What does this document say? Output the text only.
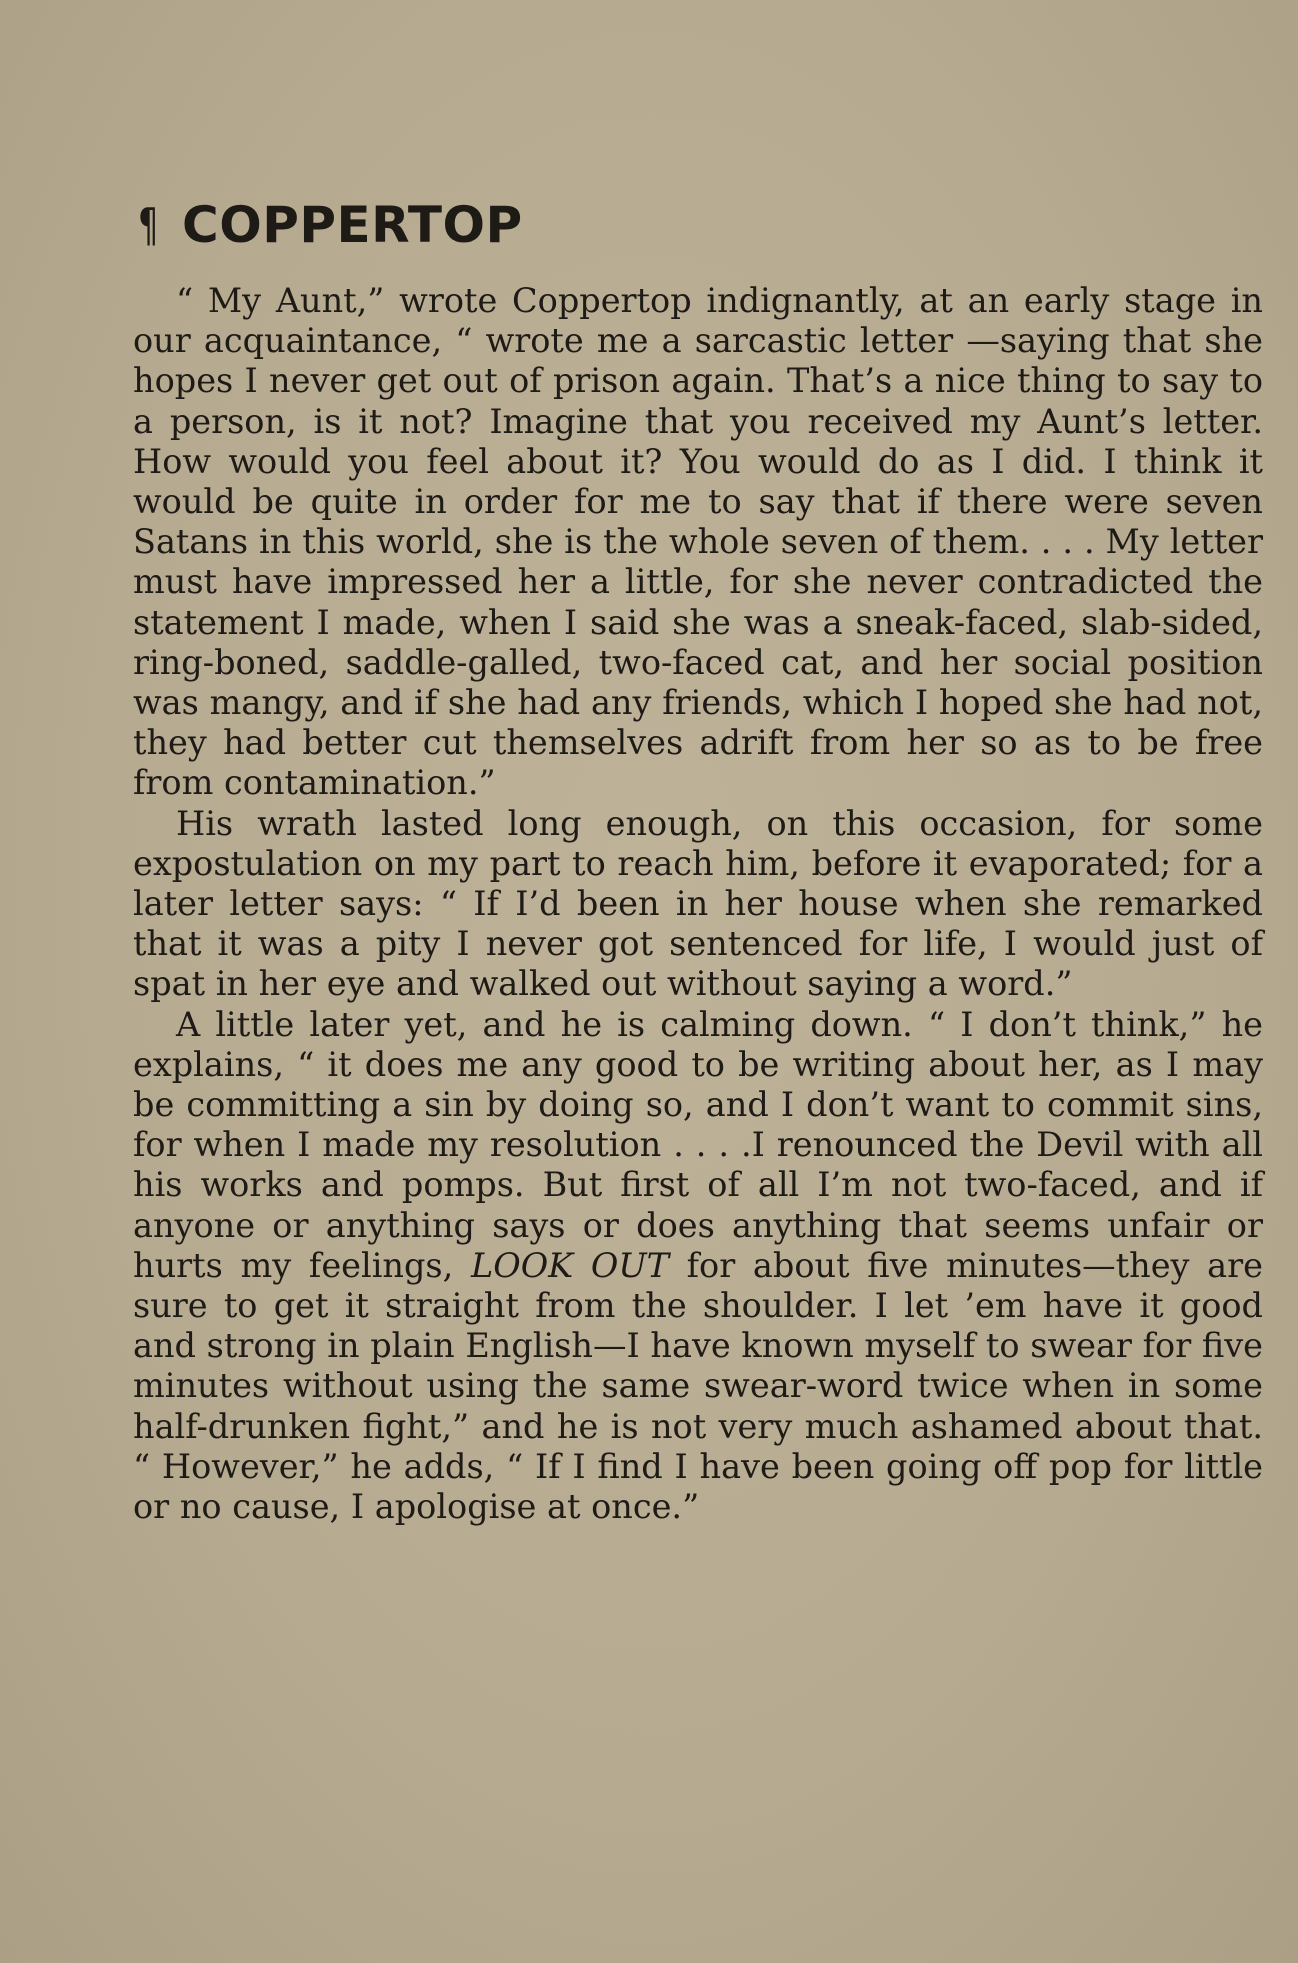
¶ COPPERTOP

“ My Aunt,” wrote Coppertop indignantly, at an early stage in our acquaintance, “ wrote me a sarcastic letter —saying that she hopes I never get out of prison again. That’s a nice thing to say to a person, is it not? Imagine that you received my Aunt’s letter. How would you feel about it? You would do as I did. I think it would be quite in order for me to say that if there were seven Satans in this world, she is the whole seven of them. . . . My letter must have impressed her a little, for she never contradicted the statement I made, when I said she was a sneak-faced, slab-sided, ring-boned, saddle-galled, two-faced cat, and her social position was mangy, and if she had any friends, which I hoped she had not, they had better cut themselves adrift from her so as to be free from contamination.”

His wrath lasted long enough, on this occasion, for some expostulation on my part to reach him, before it evaporated; for a later letter says: “ If I’d been in her house when she remarked that it was a pity I never got sentenced for life, I would just of spat in her eye and walked out without saying a word.”

A little later yet, and he is calming down. “ I don’t think,” he explains, “ it does me any good to be writing about her, as I may be committing a sin by doing so, and I don’t want to commit sins, for when I made my resolution . . . .I renounced the Devil with all his works and pomps. But first of all I’m not two-faced, and if anyone or anything says or does anything that seems unfair or hurts my feelings, LOOK OUT for about five minutes—they are sure to get it straight from the shoulder. I let ’em have it good and strong in plain English—I have known myself to swear for five minutes without using the same swear-word twice when in some half-drunken fight,” and he is not very much ashamed about that. “ However,” he adds, “ If I find I have been going off pop for little or no cause, I apologise at once.”
